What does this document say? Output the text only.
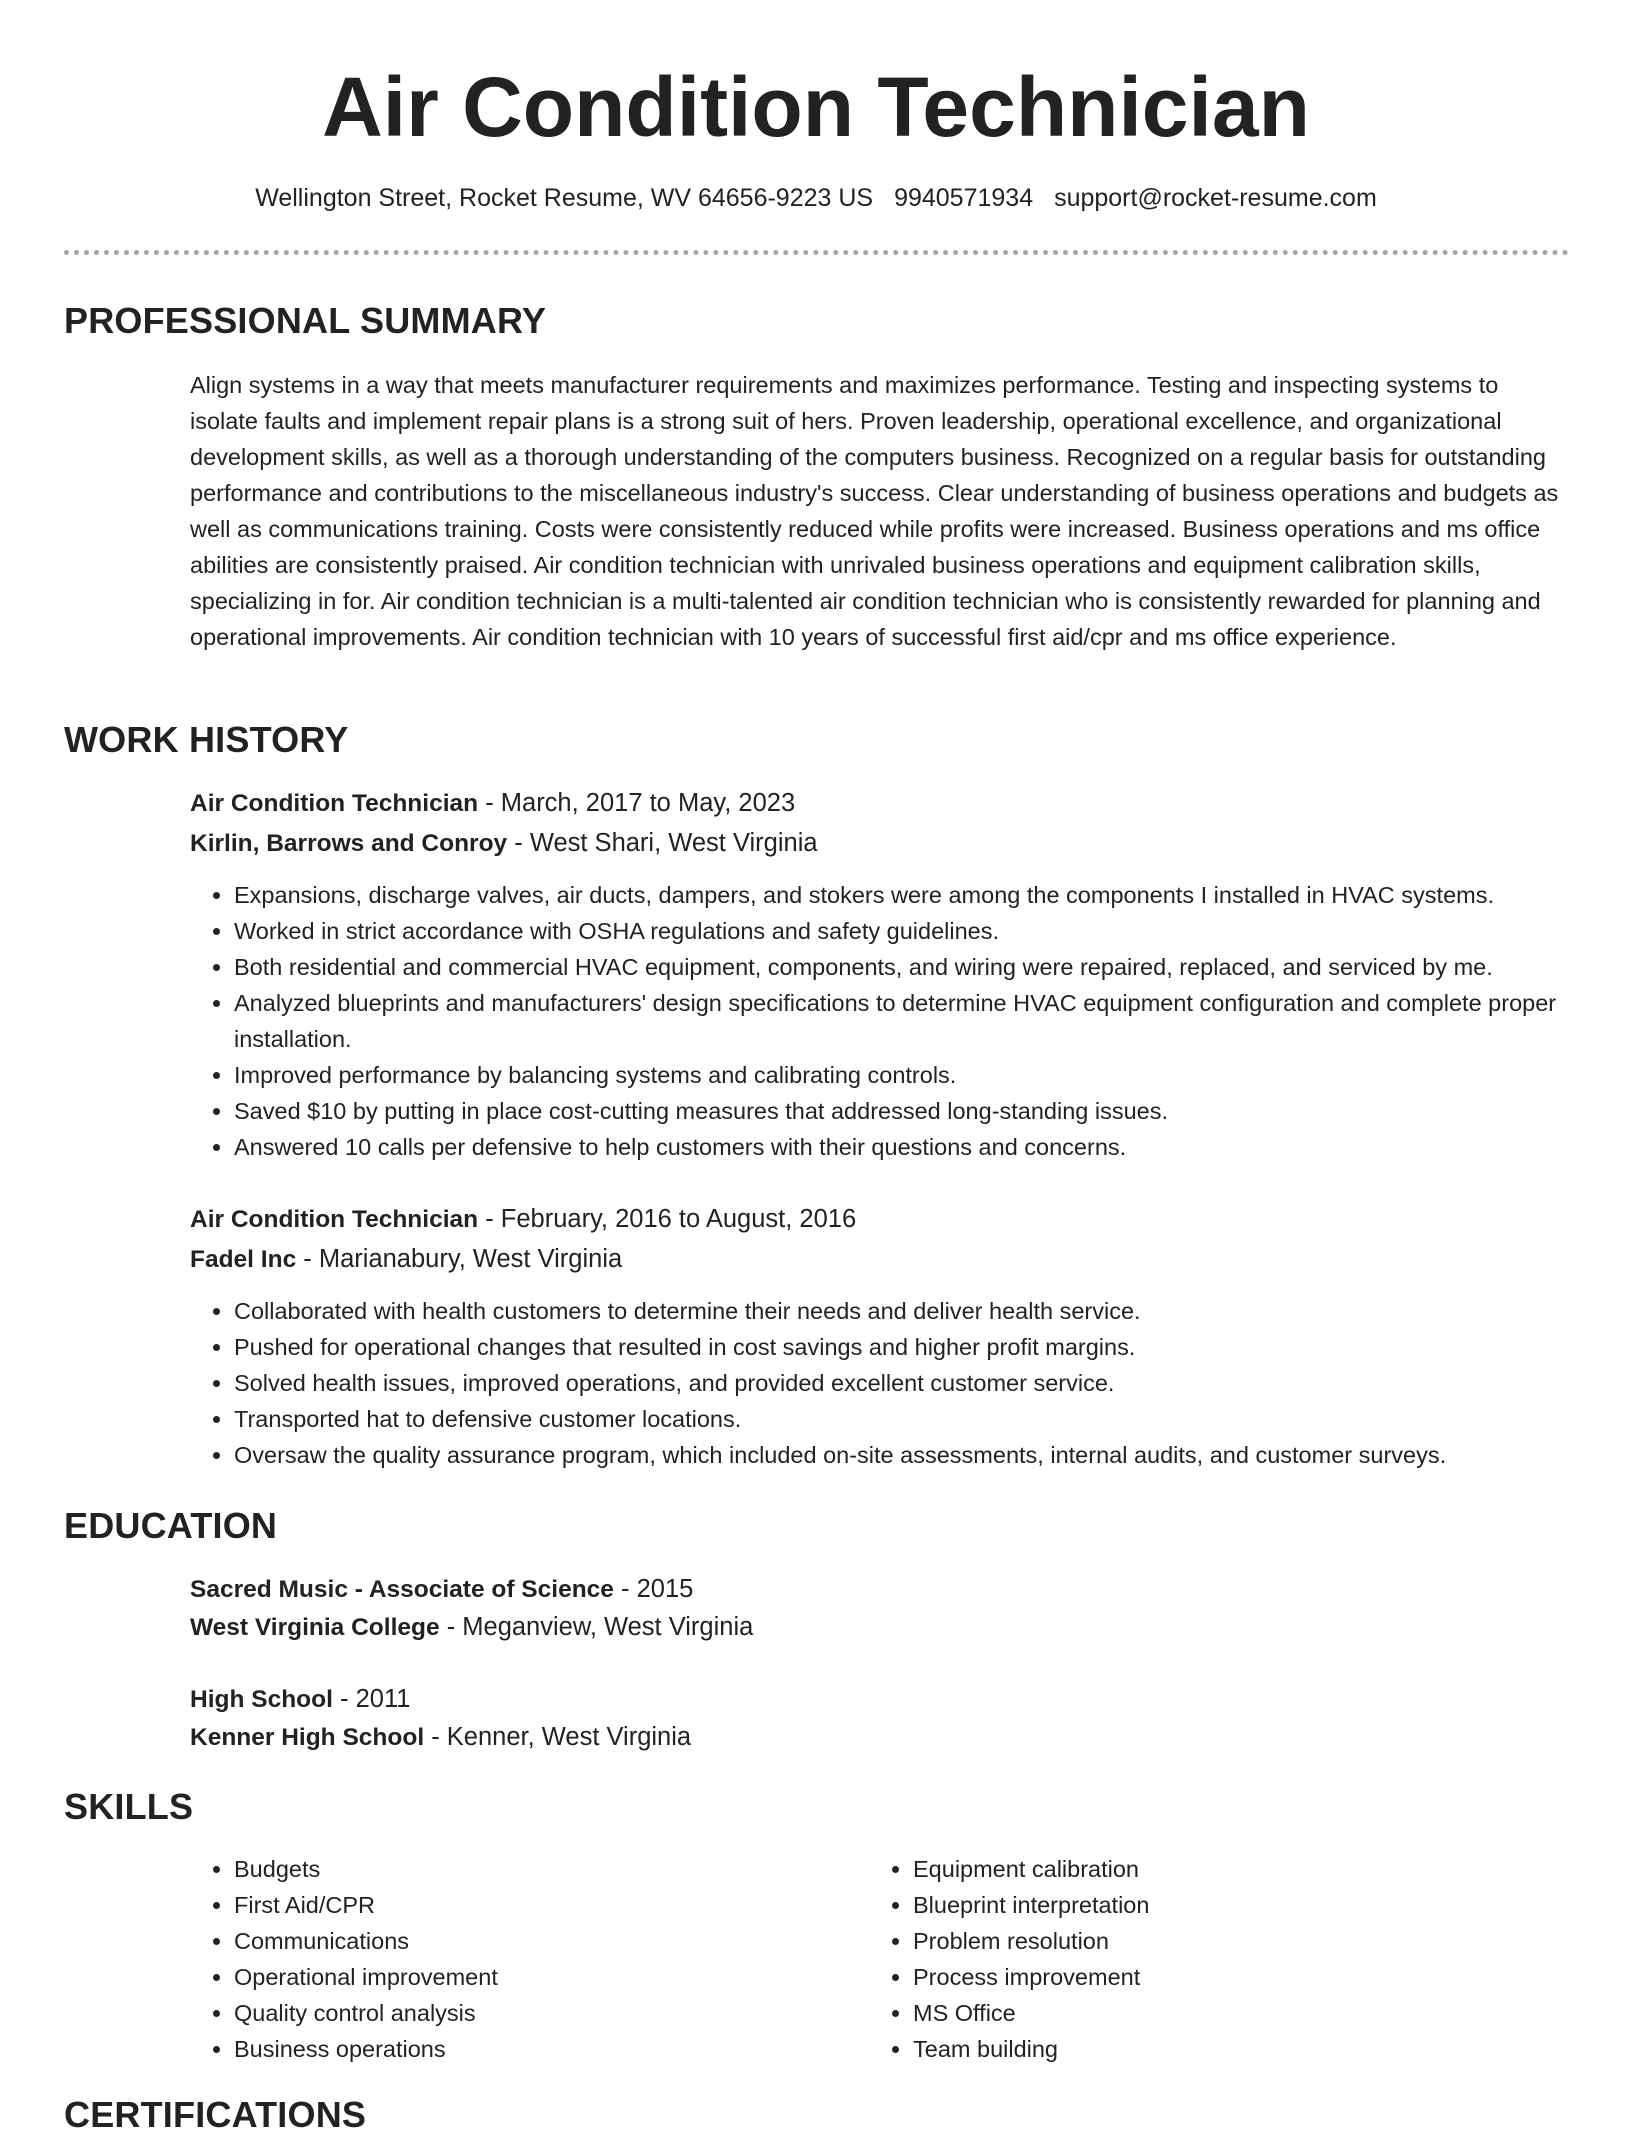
Air Condition Technician
Wellington Street, Rocket Resume, WV 64656-9223 US 9940571934 support@rocket-resume.com
PROFESSIONAL SUMMARY

Align systems in a way that meets manufacturer requirements and maximizes performance. Testing and inspecting systems to isolate faults and implement repair plans is a strong suit of hers. Proven leadership, operational excellence, and organizational development skills, as well as a thorough understanding of the computers business. Recognized on a regular basis for outstanding performance and contributions to the miscellaneous industry's success. Clear understanding of business operations and budgets as well as communications training. Costs were consistently reduced while profits were increased. Business operations and ms office abilities are consistently praised. Air condition technician with unrivaled business operations and equipment calibration skills, specializing in for. Air condition technician is a multi-talented air condition technician who is consistently rewarded for planning and operational improvements. Air condition technician with 10 years of successful first aid/cpr and ms office experience.

WORK HISTORY
Air Condition Technician - March, 2017 to May, 2023
Kirlin, Barrows and Conroy - West Shari, West Virginia
• Expansions, discharge valves, air ducts, dampers, and stokers were among the components I installed in HVAC systems.
• Worked in strict accordance with OSHA regulations and safety guidelines.
• Both residential and commercial HVAC equipment, components, and wiring were repaired, replaced, and serviced by me.
• Analyzed blueprints and manufacturers' design specifications to determine HVAC equipment configuration and complete proper installation.
• Improved performance by balancing systems and calibrating controls.
• Saved $10 by putting in place cost-cutting measures that addressed long-standing issues.
• Answered 10 calls per defensive to help customers with their questions and concerns.
Air Condition Technician - February, 2016 to August, 2016
Fadel Inc - Marianabury, West Virginia
• Collaborated with health customers to determine their needs and deliver health service.
• Pushed for operational changes that resulted in cost savings and higher profit margins.
• Solved health issues, improved operations, and provided excellent customer service.
• Transported hat to defensive customer locations.
• Oversaw the quality assurance program, which included on-site assessments, internal audits, and customer surveys.
EDUCATION
Sacred Music - Associate of Science - 2015
West Virginia College - Meganview, West Virginia
High School - 2011
Kenner High School - Kenner, West Virginia
SKILLS
• Budgets
• First Aid/CPR
• Communications
• Operational improvement
• Quality control analysis
• Business operations
• Equipment calibration
• Blueprint interpretation
• Problem resolution
• Process improvement
• MS Office
• Team building
CERTIFICATIONS
